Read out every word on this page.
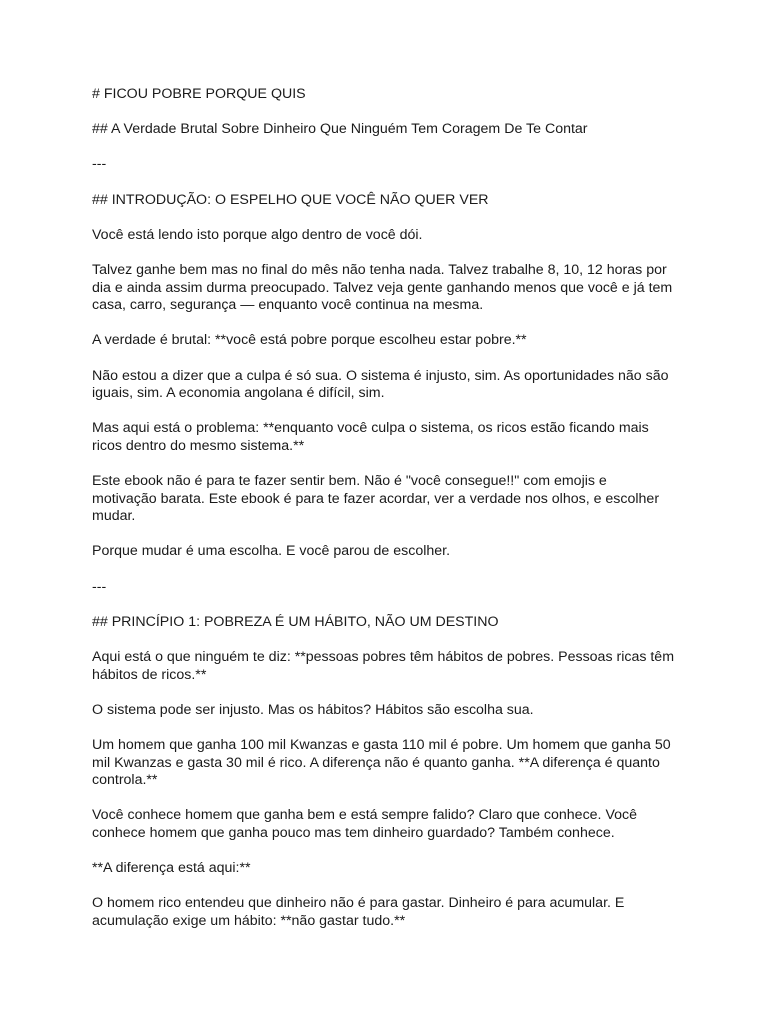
# FICOU POBRE PORQUE QUIS
## A Verdade Brutal Sobre Dinheiro Que Ninguém Tem Coragem De Te Contar
---
## INTRODUÇÃO: O ESPELHO QUE VOCÊ NÃO QUER VER
Você está lendo isto porque algo dentro de você dói.
Talvez ganhe bem mas no final do mês não tenha nada. Talvez trabalhe 8, 10, 12 horas por
dia e ainda assim durma preocupado. Talvez veja gente ganhando menos que você e já tem
casa, carro, segurança — enquanto você continua na mesma.
A verdade é brutal: **você está pobre porque escolheu estar pobre.**
Não estou a dizer que a culpa é só sua. O sistema é injusto, sim. As oportunidades não são
iguais, sim. A economia angolana é difícil, sim.
Mas aqui está o problema: **enquanto você culpa o sistema, os ricos estão ficando mais
ricos dentro do mesmo sistema.**
Este ebook não é para te fazer sentir bem. Não é "você consegue!!" com emojis e
motivação barata. Este ebook é para te fazer acordar, ver a verdade nos olhos, e escolher
mudar.
Porque mudar é uma escolha. E você parou de escolher.
---
## PRINCÍPIO 1: POBREZA É UM HÁBITO, NÃO UM DESTINO
Aqui está o que ninguém te diz: **pessoas pobres têm hábitos de pobres. Pessoas ricas têm
hábitos de ricos.**
O sistema pode ser injusto. Mas os hábitos? Hábitos são escolha sua.
Um homem que ganha 100 mil Kwanzas e gasta 110 mil é pobre. Um homem que ganha 50
mil Kwanzas e gasta 30 mil é rico. A diferença não é quanto ganha. **A diferença é quanto
controla.**
Você conhece homem que ganha bem e está sempre falido? Claro que conhece. Você
conhece homem que ganha pouco mas tem dinheiro guardado? Também conhece.
**A diferença está aqui:**
O homem rico entendeu que dinheiro não é para gastar. Dinheiro é para acumular. E
acumulação exige um hábito: **não gastar tudo.**
